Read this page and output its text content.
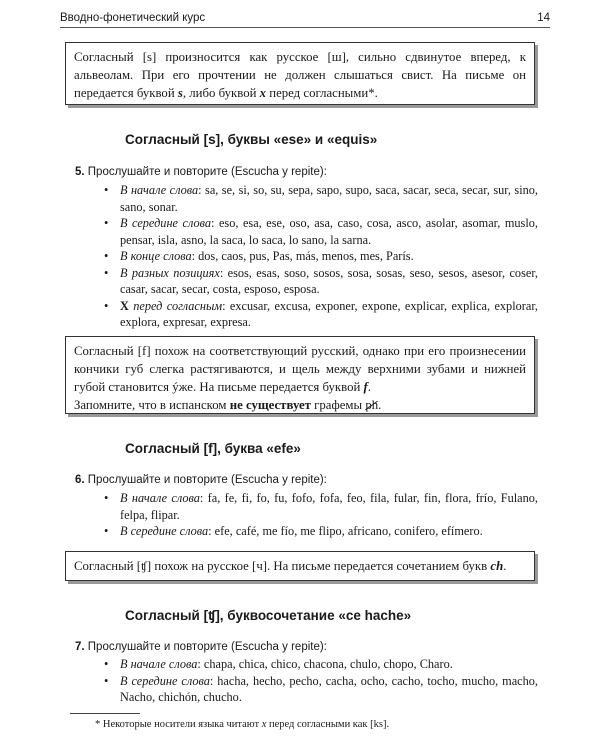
Вводно-фонетический курс	14
Согласный [s] произносится как русское [ш], сильно сдвинутое вперед, к альвеолам. При его прочтении не должен слышаться свист. На письме он передается буквой s, либо буквой x перед согласными*.
Согласный [s], буквы «ese» и «equis»
5. Прослушайте и повторите (Escucha y repite):
• В начале слова: sa, se, si, so, su, sepa, sapo, supo, saca, sacar, seca, secar, sur, sino, sano, sonar.
• В середине слова: eso, esa, ese, oso, asa, caso, cosa, asco, asolar, asomar, muslo, pensar, isla, asno, la saca, lo saca, lo sano, la sarna.
• В конце слова: dos, caos, pus, Pas, más, menos, mes, París.
• В разных позициях: esos, esas, soso, sosos, sosa, sosas, seso, sesos, asesor, coser, casar, sacar, secar, costa, esposo, esposa.
• X перед согласным: excusar, excusa, exponer, expone, explicar, explica, explorar, explora, expresar, expresa.
Согласный [f] похож на соответствующий русский, однако при его произнесении кончики губ слегка растягиваются, и щель между верхними зубами и нижней губой становится ýже. На письме передается буквой f.
Запомните, что в испанском не существует графемы ph.
Согласный [f], буква «efe»
6. Прослушайте и повторите (Escucha y repite):
• В начале слова: fa, fe, fi, fo, fu, fofo, fofa, feo, fila, fular, fin, flora, frío, Fulano, felpa, flipar.
• В середине слова: efe, café, me fío, me flipo, africano, conifero, efímero.
Согласный [ʧ] похож на русское [ч]. На письме передается сочетанием букв ch.
Согласный [ʧ], буквосочетание «ce hache»
7. Прослушайте и повторите (Escucha y repite):
• В начале слова: chapa, chica, chico, chacona, chulo, chopo, Charo.
• В середине слова: hacha, hecho, pecho, cacha, ocho, cacho, tocho, mucho, macho, Nacho, chichón, chucho.
* Некоторые носители языка читают x перед согласными как [ks].
